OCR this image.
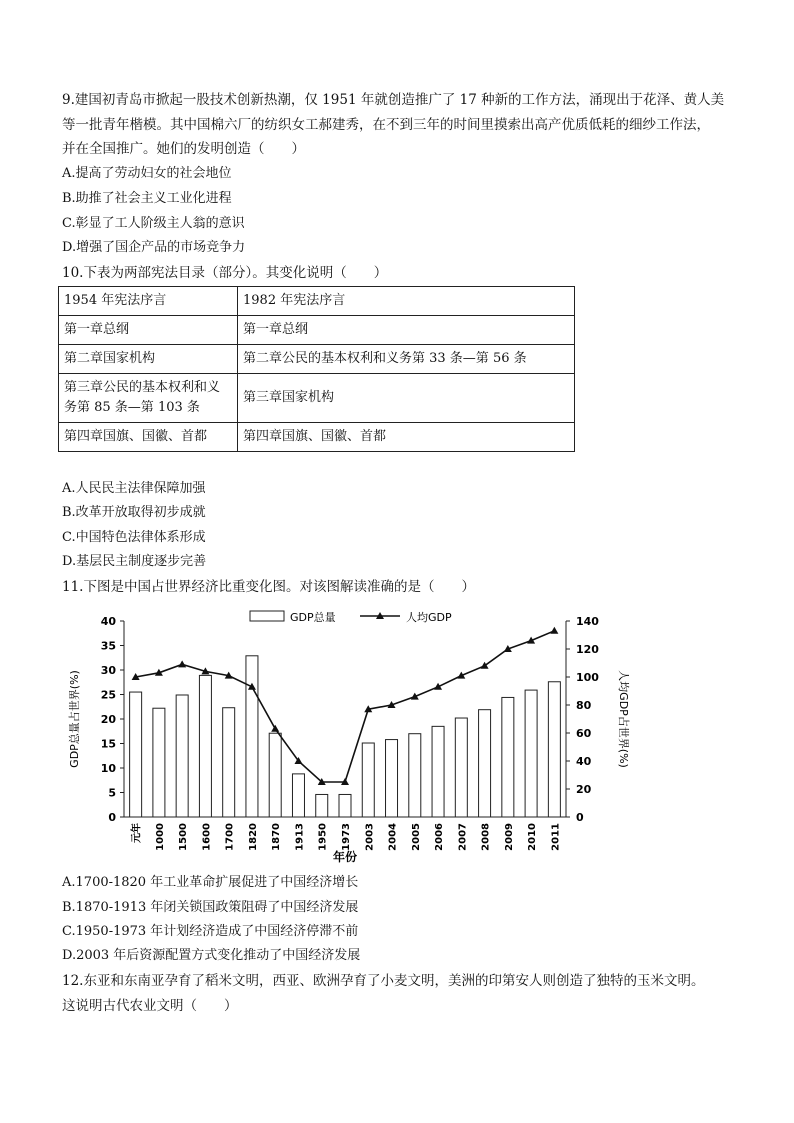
9.建国初青岛市掀起一股技术创新热潮，仅 1951 年就创造推广了 17 种新的工作方法，涌现出于花泽、黄人美
等一批青年楷模。其中国棉六厂的纺织女工郝建秀，在不到三年的时间里摸索出高产优质低耗的细纱工作法，
并在全国推广。她们的发明创造（　　）
A.提高了劳动妇女的社会地位
B.助推了社会主义工业化进程
C.彰显了工人阶级主人翁的意识
D.增强了国企产品的市场竞争力
10.下表为两部宪法目录（部分）。其变化说明（　　）
A.人民民主法律保障加强
B.改革开放取得初步成就
C.中国特色法律体系形成
D.基层民主制度逐步完善
11.下图是中国占世界经济比重变化图。对该图解读准确的是（　　）
A.1700-1820 年工业革命扩展促进了中国经济增长
B.1870-1913 年闭关锁国政策阻碍了中国经济发展
C.1950-1973 年计划经济造成了中国经济停滞不前
D.2003 年后资源配置方式变化推动了中国经济发展
12.东亚和东南亚孕育了稻米文明，西亚、欧洲孕育了小麦文明，美洲的印第安人则创造了独特的玉米文明。
这说明古代农业文明（　　）
1954 年宪法序言	1982 年宪法序言
第一章总纲	第一章总纲
第二章国家机构	第二章公民的基本权利和义务第 33 条—第 56 条
第三章公民的基本权利和义务第 85 条—第 103 条	第三章国家机构
第四章国旗、国徽、首都	第四章国旗、国徽、首都
0
5
10
15
20
25
30
35
40
0
20
40
60
80
100
120
140
GDP总量占世界(%)	人均GDP占世界(%)
元年 1000 1500 1600 1700 1820 1870 1913 1950 1973 2003 2004 2005 2006 2007 2008 2009 2010 2011
年份
GDP总量	人均GDP
